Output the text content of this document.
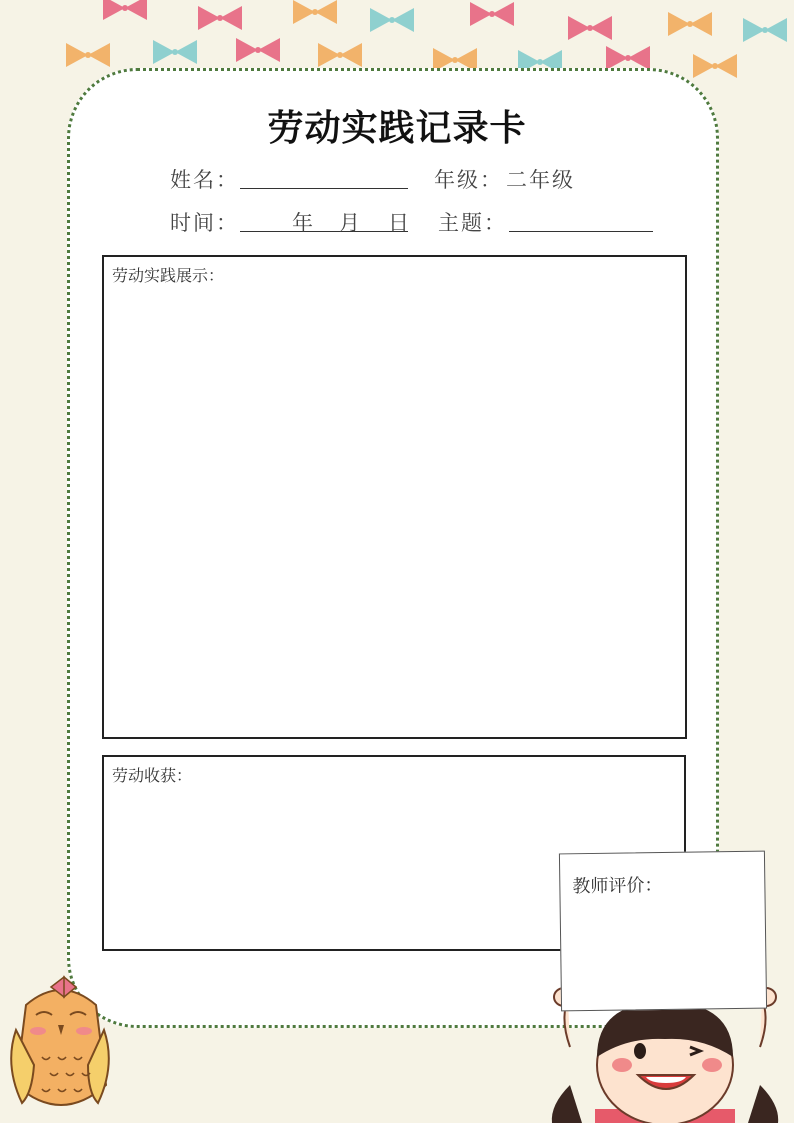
劳动实践记录卡
姓名：	年级： 二年级
时间：	年 月 日 主题：
劳动实践展示：
劳动收获：
教师评价：
